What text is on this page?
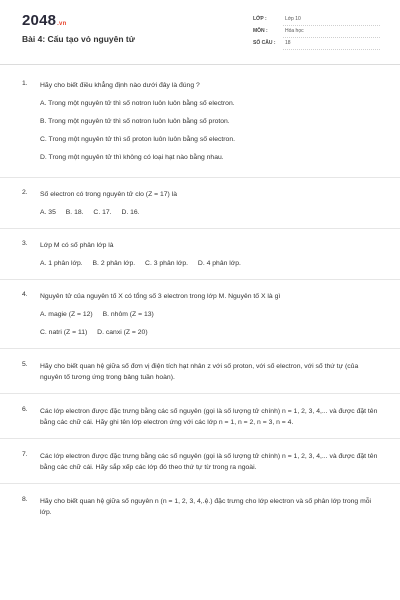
2048.vn
Bài 4: Cấu tạo vỏ nguyên tử
LỚP :	Lớp 10
MÔN :	Hóa học
SỐ CÂU :	18
1. Hãy cho biết điều khẳng định nào dưới đây là đúng ?
A. Trong một nguyên tử thì số notron luôn luôn bằng số electron.
B. Trong một nguyên tử thì số notron luôn luôn bằng số proton.
C. Trong một nguyên tử thì số proton luôn luôn bằng số electron.
D. Trong một nguyên tử thì không có loại hạt nào bằng nhau.
2. Số electron có trong nguyên tử clo (Z = 17) là
A. 35 B. 18. C. 17. D. 16.
3. Lớp M có số phân lớp là
A. 1 phân lớp. B. 2 phân lớp. C. 3 phân lớp. D. 4 phân lớp.
4. Nguyên tử của nguyên tố X có tổng số 3 electron trong lớp M. Nguyên tố X là gì
A. magie (Z = 12) B. nhôm (Z = 13)
C. natri (Z = 11) D. canxi (Z = 20)
5. Hãy cho biết quan hệ giữa số đơn vị điện tích hạt nhân z với số proton, với số electron, với số thứ tự (của nguyên tố tương ứng trong bảng tuần hoàn).
6. Các lớp electron được đặc trưng bằng các số nguyên (gọi là số lượng tử chính) n = 1, 2, 3, 4,... và được đặt tên bằng các chữ cái. Hãy ghi tên lớp electron ứng với các lớp n = 1, n = 2, n = 3, n = 4.
7. Các lớp electron được đặc trưng bằng các số nguyên (gọi là số lượng tử chính) n = 1, 2, 3, 4,... và được đặt tên bằng các chữ cái. Hãy sắp xếp các lớp đó theo thứ tự từ trong ra ngoài.
8. Hãy cho biết quan hệ giữa số nguyên n (n = 1, 2, 3, 4,.ệ.) đặc trưng cho lớp electron và số phân lớp trong mỗi lớp.
